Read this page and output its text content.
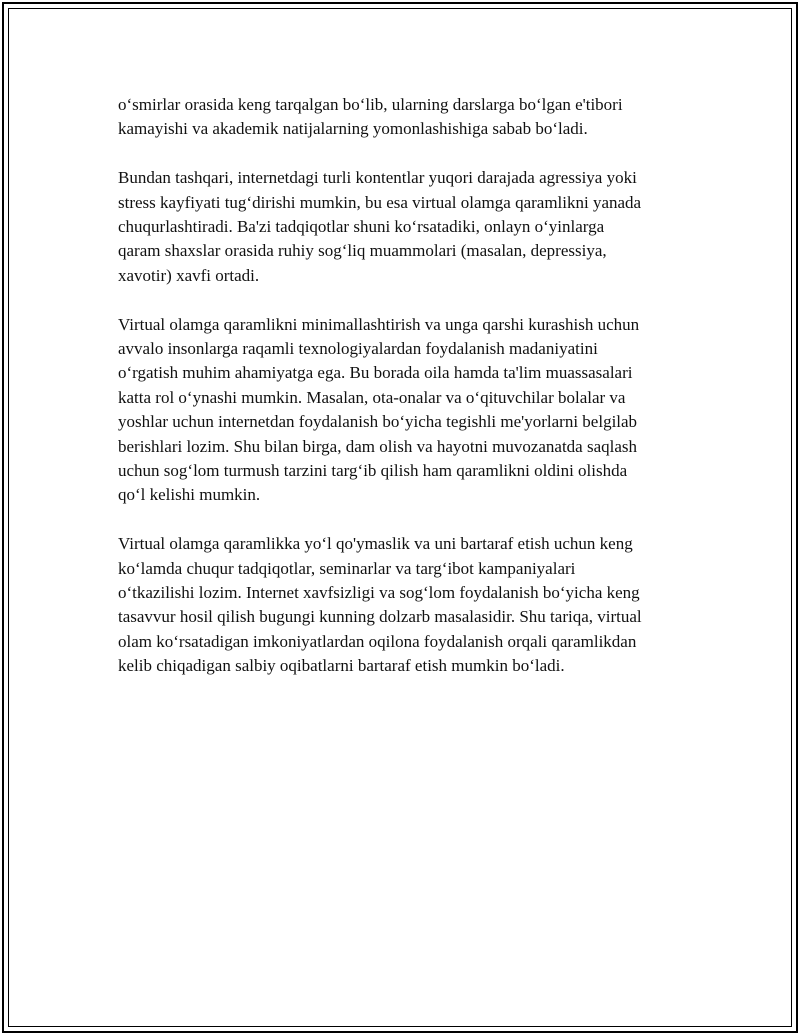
o‘smirlar orasida keng tarqalgan bo‘lib, ularning darslarga bo‘lgan e'tibori
kamayishi va akademik natijalarning yomonlashishiga sabab bo‘ladi.
Bundan tashqari, internetdagi turli kontentlar yuqori darajada agressiya yoki
stress kayfiyati tug‘dirishi mumkin, bu esa virtual olamga qaramlikni yanada
chuqurlashtiradi. Ba'zi tadqiqotlar shuni ko‘rsatadiki, onlayn o‘yinlarga
qaram shaxslar orasida ruhiy sog‘liq muammolari (masalan, depressiya,
xavotir) xavfi ortadi.
Virtual olamga qaramlikni minimallashtirish va unga qarshi kurashish uchun
avvalo insonlarga raqamli texnologiyalardan foydalanish madaniyatini
o‘rgatish muhim ahamiyatga ega. Bu borada oila hamda ta'lim muassasalari
katta rol o‘ynashi mumkin. Masalan, ota-onalar va o‘qituvchilar bolalar va
yoshlar uchun internetdan foydalanish bo‘yicha tegishli me'yorlarni belgilab
berishlari lozim. Shu bilan birga, dam olish va hayotni muvozanatda saqlash
uchun sog‘lom turmush tarzini targ‘ib qilish ham qaramlikni oldini olishda
qo‘l kelishi mumkin.
Virtual olamga qaramlikka yo‘l qo'ymaslik va uni bartaraf etish uchun keng
ko‘lamda chuqur tadqiqotlar, seminarlar va targ‘ibot kampaniyalari
o‘tkazilishi lozim. Internet xavfsizligi va sog‘lom foydalanish bo‘yicha keng
tasavvur hosil qilish bugungi kunning dolzarb masalasidir. Shu tariqa, virtual
olam ko‘rsatadigan imkoniyatlardan oqilona foydalanish orqali qaramlikdan
kelib chiqadigan salbiy oqibatlarni bartaraf etish mumkin bo‘ladi.
